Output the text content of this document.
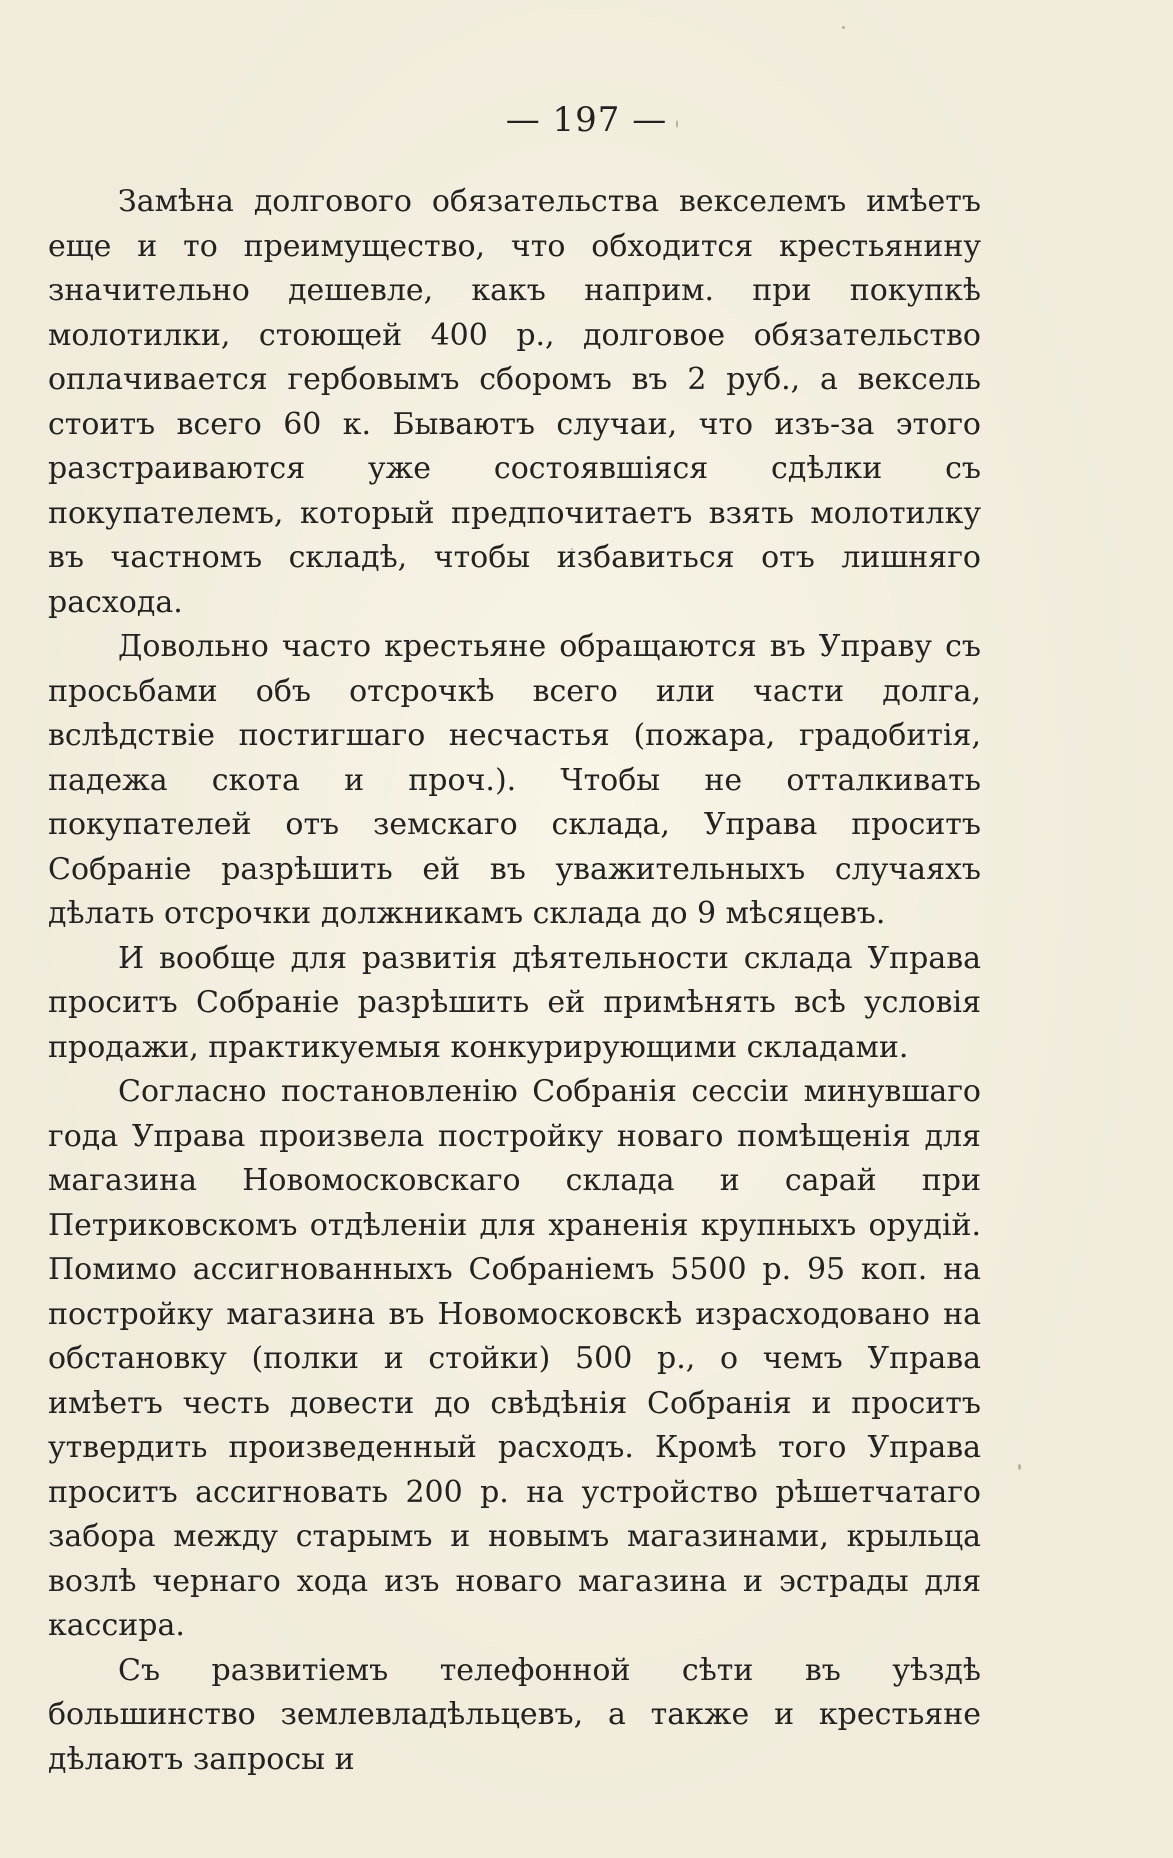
— 197 —

Замѣна долгового обязательства векселемъ имѣетъ еще и то преимущество, что обходится крестьянину значительно дешевле, какъ наприм. при покупкѣ молотилки, стоющей 400 р., долговое обязательство оплачивается гербовымъ сборомъ въ 2 руб., а вексель стоитъ всего 60 к. Бываютъ случаи, что изъ-за этого разстраиваются уже состоявшіяся сдѣлки съ покупателемъ, который предпочитаетъ взять молотилку въ частномъ складѣ, чтобы избавиться отъ лишняго расхода.

Довольно часто крестьяне обращаются въ Управу съ просьбами объ отсрочкѣ всего или части долга, вслѣдствіе постигшаго несчастья (пожара, градобитія, падежа скота и проч.). Чтобы не отталкивать покупателей отъ земскаго склада, Управа проситъ Собраніе разрѣшить ей въ уважительныхъ случаяхъ дѣлать отсрочки должникамъ склада до 9 мѣсяцевъ.

И вообще для развитія дѣятельности склада Управа проситъ Собраніе разрѣшить ей примѣнять всѣ условія продажи, практикуемыя конкурирующими складами.

Согласно постановленію Собранія сессіи минувшаго года Управа произвела постройку новаго помѣщенія для магазина Новомосковскаго склада и сарай при Петриковскомъ отдѣленіи для храненія крупныхъ орудій. Помимо ассигнованныхъ Собраніемъ 5500 р. 95 коп. на постройку магазина въ Новомосковскѣ израсходовано на обстановку (полки и стойки) 500 р., о чемъ Управа имѣетъ честь довести до свѣдѣнія Собранія и проситъ утвердить произведенный расходъ. Кромѣ того Управа проситъ ассигновать 200 р. на устройство рѣшетчатаго забора между старымъ и новымъ магазинами, крыльца возлѣ чернаго хода изъ новаго магазина и эстрады для кассира.

Съ развитіемъ телефонной сѣти въ уѣздѣ большинство землевладѣльцевъ, а также и крестьяне дѣлаютъ запросы и
